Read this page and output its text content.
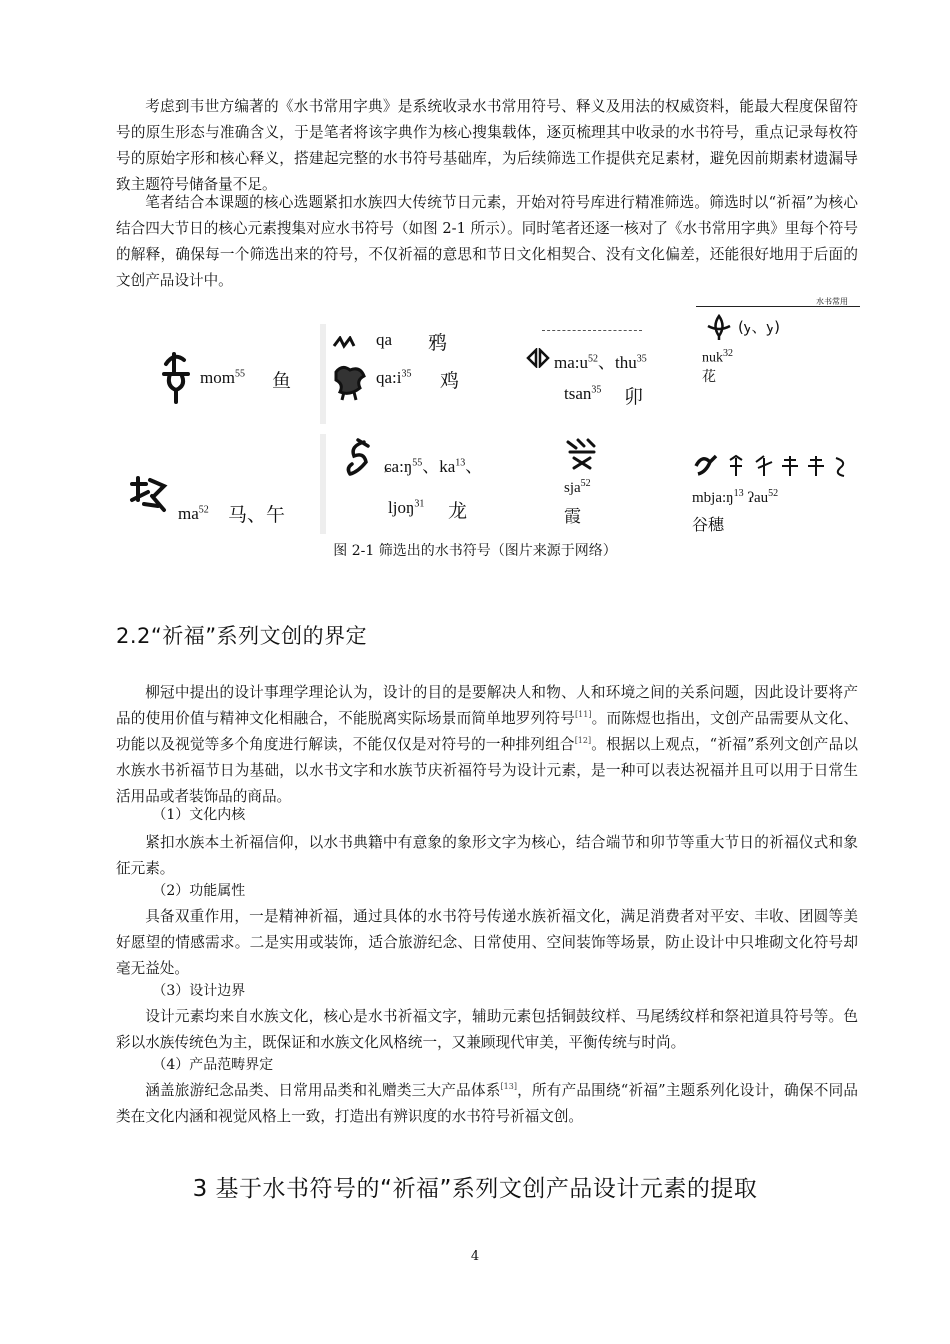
考虑到韦世方编著的《水书常用字典》是系统收录水书常用符号、释义及用法的权威资料，能最大程度保留符号的原生形态与准确含义，于是笔者将该字典作为核心搜集载体，逐页梳理其中收录的水书符号，重点记录每枚符号的原始字形和核心释义，搭建起完整的水书符号基础库，为后续筛选工作提供充足素材，避免因前期素材遗漏导致主题符号储备量不足。

笔者结合本课题的核心选题紧扣水族四大传统节日元素，开始对符号库进行精准筛选。筛选时以“祈福”为核心结合四大节日的核心元素搜集对应水书符号（如图 2-1 所示）。同时笔者还逐一核对了《水书常用字典》里每个符号的解释，确保每一个筛选出来的符号，不仅祈福的意思和节日文化相契合、没有文化偏差，还能很好地用于后面的文创产品设计中。

水书常用
mom$^{55}$ 鱼
qa 鸦
$qa:i^{35}$ 鸡
$ma:u^{52}$、thu$^{35}$
tsan$^{35}$ 卯
(ꭚ、ꭚ)
nuk$^{32}$
花
$ma^{52}$ 马、午
$ɕa:ŋ^{55}$、$ka^{13}$、
ljoŋ$^{31}$ 龙
sja$^{52}$
霞
$mbja:ŋ^{13}$ ʔau$^{52}$
谷穗
图 2-1 筛选出的水书符号（图片来源于网络）
2.2“祈福”系列文创的界定

柳冠中提出的设计事理学理论认为，设计的目的是要解决人和物、人和环境之间的关系问题，因此设计要将产品的使用价值与精神文化相融合，不能脱离实际场景而简单地罗列符号[11]。而陈煜也指出，文创产品需要从文化、功能以及视觉等多个角度进行解读，不能仅仅是对符号的一种排列组合[12]。根据以上观点，“祈福”系列文创产品以水族水书祈福节日为基础，以水书文字和水族节庆祈福符号为设计元素，是一种可以表达祝福并且可以用于日常生活用品或者装饰品的商品。

（1）文化内核

紧扣水族本土祈福信仰，以水书典籍中有意象的象形文字为核心，结合端节和卯节等重大节日的祈福仪式和象征元素。

（2）功能属性

具备双重作用，一是精神祈福，通过具体的水书符号传递水族祈福文化，满足消费者对平安、丰收、团圆等美好愿望的情感需求。二是实用或装饰，适合旅游纪念、日常使用、空间装饰等场景，防止设计中只堆砌文化符号却毫无益处。

（3）设计边界

设计元素均来自水族文化，核心是水书祈福文字，辅助元素包括铜鼓纹样、马尾绣纹样和祭祀道具符号等。色彩以水族传统色为主，既保证和水族文化风格统一，又兼顾现代审美，平衡传统与时尚。

（4）产品范畴界定

涵盖旅游纪念品类、日常用品类和礼赠类三大产品体系[13]，所有产品围绕“祈福”主题系列化设计，确保不同品类在文化内涵和视觉风格上一致，打造出有辨识度的水书符号祈福文创。

3 基于水书符号的“祈福”系列文创产品设计元素的提取
4
